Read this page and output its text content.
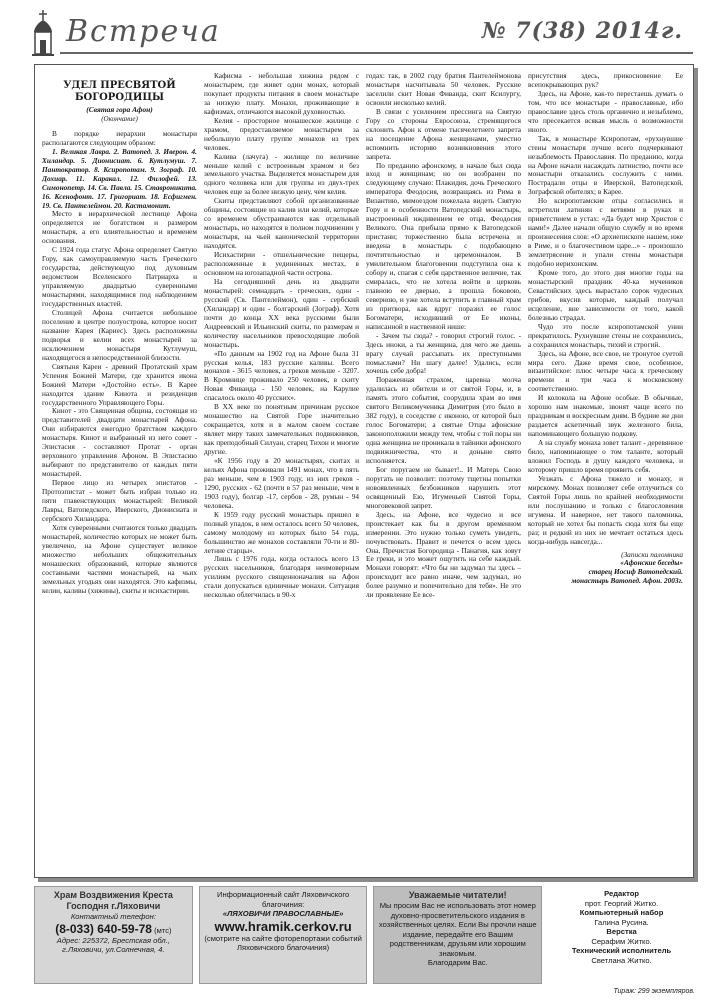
Встреча	№ 7(38) 2014г.
УДЕЛ ПРЕСВЯТОЙ БОГОРОДИЦЫ
(Святая гора Афон)
(Окончание)

В порядке иерархии монастыри располагаются следующим образом:

1. Великая Лавра. 2. Ватопед. 3. Иверон. 4. Хиландар. 5. Дионисиат. 6. Кутлумуш. 7. Пантократор. 8. Ксиропотам. 9. Зограф. 10. Дохиар. 11. Каракал. 12. Филофей. 13. Симонопетр. 14. Св. Павла. 15. Ставроникита. 16. Ксенофонт. 17. Григориат. 18. Есфигмен. 19. Св. Пантелеймон. 20. Кастамонит.

Место в иерархической лестнице Афона определяется не богатством и размером монастыря, а его влиятельностью и временем основания.

С 1924 года статус Афона определяет Святую Гору, как самоуправляемую часть Греческого государства, действующую под духовным ведомством Вселенского Патриарха и управляемую двадцатью суверенными монастырями, находящимися под наблюдением государственных властей.

Столицей Афона считается небольшое поселение в центре полуострова, которое носит название Карея (Кариес). Здесь расположены подворья и келии всех монастырей за исключением монастыря Кутлумуш, находящегося в непосредственной близости.

Святыня Кареи - древний Протатский храм Успения Божией Матери, где хранится икона Божией Матери «Достойно есть». В Карее находится здание Кинота и резиденция государственного Управляющего Горы.

Кинот - это Священная община, состоящая из представителей двадцати монастырей Афона. Они избираются ежегодно братством каждого монастыря. Кинот и выбранный из него совет - Эпистасия - составляют Протат - орган верховного управления Афоном. В Эпистасию выбирают по представителю от каждых пяти монастырей.

Первое лицо из четырех эпистатов - Протоэпистат - может быть избран только из пяти главенствующих монастырей: Великой Лавры, Ватопедского, Иверского, Дионисиата и сербского Хиландара.

Хотя суверенными считаются только двадцать монастырей, количество которых не может быть увеличено, на Афоне существует великое множество небольших общежительных монашеских образований, которые являются составными частями монастырей, на чьих земельных угодьях они находятся. Это кафизмы, келии, каливы (хижины), скиты и исихастирии.

Кафисма - небольшая хижина рядом с монастырем, где живет один монах, который покупает продукты питания в своем монастыре за низкую плату. Монахи, проживающие в кафизмах, отличаются высокой духовностью.

Келия - просторное монашеское жилище с храмом, предоставляемое монастырем за небольшую плату группе монахов из трех человек.

Калива (лачуга) - жилище по величине меньше келий с встроенным храмом и без земельного участка. Выделяется монастырем для одного человека или для группы из двух-трех человек еще за более низкую цену, чем келия.

Скиты представляют собой организованные общины, состоящие из калив или келий, которые со временем обустраиваются как отдельный монастырь, но находятся в полном подчинении у монастыря, на чьей канонической территории находятся.

Исихастирии - отшельнические пещеры, расположенные в уединенных местах, в основном на югозападной части острова.

На сегодняшний день из двадцати монастырей: семнадцать - греческих, один - русский (Св. Пантелеймон), один - сербский (Хиландар) и один - болгарский (Зограф). Хотя почти до конца XX века русскими были Андреевский и Ильинский скиты, по размерам и количеству насельников превосходящие любой монастырь.

«По данным на 1902 год на Афоне была 31 русская келья, 183 русские каливы. Всего монахов - 3615 человек, а греков меньше - 3207. В Кромнице проживало 250 человек, в скиту Новая Фиваида - 150 человек, на Карулие спасалось около 40 русских».

В XX веке по понятным причинам русское монашество на Святой Горе значительно сокращается, хотя и в малом своем составе являет миру таких замечательных подвижников, как преподобный Силуан, старец Тихон и многие другие.

«К 1956 году в 20 монастырях, скитах и кельях Афона проживали 1491 монах, что в пять раз меньше, чем в 1903 году, из них греков - 1290, русских - 62 (почти в 57 раз меньше, чем в 1903 году), болгар -17, сербов - 28, румын - 94 человека.

К 1959 году русский монастырь пришел в полный упадок, в нем осталось всего 50 человек, самому молодому из которых было 54 года, большинство же монахов составляли 70-ти и 80-летние старцы».

Лишь с 1976 года, когда осталось всего 13 русских насельников, благодаря неимоверным усилиям русского священноначалия на Афон стали допускаться единичные монахи. Ситуация несколько облегчилась в 90-х

годах: так, в 2002 году братия Пантелеймонова монастыря насчитывала 50 человек. Русские заселили скит Новая Фиваида, скит Ксилургу, освоили несколько келий.

В связи с усилением прессинга на Святую Гору со стороны Евросоюза, стремящегося склонить Афон к отмене тысячелетнего запрета на посещение Афона женщинами, уместно вспомнить историю возникновения этого запрета.

По преданию афонскому, в начале был сюда вход и женщинам; но он возбранен по следующему случаю: Плакидия, дочь Греческого императора Феодосия, возвращаясь из Рима в Византию, мимоездом пожелала видеть Святую Гору и в особенности Ватопедский монастырь, выстроенный иждивением ее отца, Феодосия Великого. Она прибыла прямо к Ватопедской пристани; торжественно была встречена и введена в монастырь с подобающею почтительностью и церемониалом. В умилительном благоговении подступила она к собору и, спагая с себя царственное величие, так смиралась, что не хотела войти в церковь главною ее дверью, а прошла боковою, северною, и уже хотела вступить в главный храм из притвора, как вдруг поразил ее голос Богоматери, исходивший от Ее иконы, написанной в наственной нише:

- Зачем ты сюда? - говорил строгий голос. - Здесь иноки, а ты женщина, для чего же даешь врагу случай рассыпать их преступными помыслами? Ни шагу далее! Удались, если хочешь себе добра!

Пораженная страхом, царевна молча удалилась из обители и от святой Горы, и, в память этого события, соорудила храм во имя святого Великомученика Димитрия (это было в 382 году), в соседстве с иконою, от которой был голос Богоматери; а святые Отцы афонские законоположили между тем, чтобы с той поры ни одна женщина не проникала в тайники афонского подвижничества, что и доныне свято исполняется.

Бог поругаем не бывает!.. И Матерь Свою поругать не позволит: поэтому тщетны попытки новоявленных безбожников нарушить этот освященный Ею, Игуменьей Святой Горы, многовековой запрет.

Здесь, на Афоне, все чудесно и все проистекает как бы в другом временном измерении. Это нужно только суметь увидеть, почувствовать. Правит и печется о всем здесь Она, Пречистая Богородица - Панагия, как зовут Ее греки, и это может ощутить на себе каждый. Монахи говорят: «Что бы ни задумал ты здесь – происходит все равно иначе, чем задумал, но более разумно и попечительно для тебя». Не это ли проявление Ее все-

присутствия здесь, прикосновение Ее всепокрывающих рук?

Здесь, на Афоне, как-то перестаешь думать о том, что все монастыри - православные, ибо православие здесь столь органично и незыблемо, что пресекается всякая мысль о возможности иного.

Так, в монастыре Ксиропотам, «рухнувшие стены монастыря лучше всего подчеркивают незыблемость Православия. По преданию, когда на Афоне начали насаждать латинство, почти все монастыри отказались сослужить с ними. Пострадали отцы в Иверской, Ватопедской, Зографской обителях; в Карее.

Но ксиропотамские отцы согласились и встретили латинян с ветвями в руках и приветствием в устах: «Да будет мир Христов с нами!» Далее начали общую службу и во время произнесения слов: «О архиепископе нашем, иже в Риме, и о благочестивом царе...» - произошло землетрясение и упали стены монастыря подобно иерихонским.

Кроме того, до этого дня многие годы на монастырский праздник 40-ка мучеников Севастийских здесь вырастало сорок чудесных грибов, вкусив которые, каждый получал исцеление, вне зависимости от того, какой болезнью страдал.

Чудо это после ксиропотамской унии прекратилось. Рухнувшие стены не сохранились, а сохранился монастырь, тихий и строгий.

Здесь, на Афоне, все свое, не тронутое суетой мира сего. Даже время свое, особенное, византийское: плюс четыре часа к греческому времени и три часа к московскому соответственно.

И колокола на Афоне особые. В обычные, хорошо нам знакомые, звонят чаще всего по праздникам и воскресным дням. В будние же дни раздается аскетичный звук железного била, напоминающего большую подкову.

А на службу монаха зовет талант - деревянное било, напоминающее о том таланте, который вложил Господь в душу каждого человека, и которому пришло время проявить себя.

Уезжать с Афона тяжело и монаху, и мирскому. Монах позволяет себе отлучиться со Святой Горы лишь по крайней необходимости или послушанию и только с благословения игумена. И наверное, нет такого паломника, который не хотел бы попасть сюда хотя бы еще раз; и редкий из них не мечтает остаться здесь когда-нибудь навсегда...

(Записки паломника
«Афонские беседы»
старец Иосиф Ватопедский.
монастырь Ватопед. Афон. 2003г.
Храм Воздвижения Креста Господня г.Ляховичи
Контактный телефон:
(8-033) 640-59-78 (мтс)
Адрес: 225372, Брестская обл., г.Ляховичи, ул.Солнечная, 4.
Информационный сайт Ляховичского благочиния:
«ЛЯХОВИЧИ ПРАВОСЛАВНЫЕ»
www.hramik.cerkov.ru
(смотрите на сайте фоторепортажи событий Ляховичского благочиния)
Уважаемые читатели!
Мы просим Вас не использовать этот номер духовно-просветительского издания в хозяйственных целях. Если Вы прочли наше издание, передайте его Вашим родственникам, друзьям или хорошим знакомым.
Благодарим Вас.
Редактор
прот. Георгий Житко.
Компьютерный набор
Галина Русина.
Верстка
Серафим Житко.
Технический исполнитель
Светлана Житко.
Тираж: 299 экземпляров.
